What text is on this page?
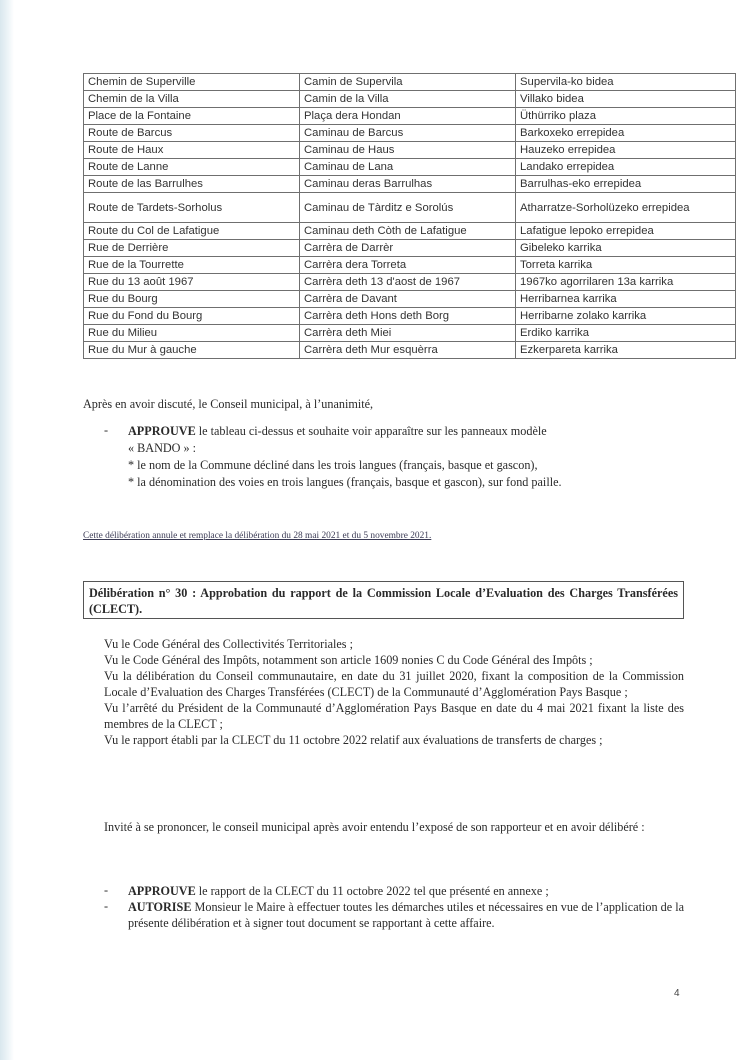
Chemin de Superville	Camin de Supervila	Supervila-ko bidea
Chemin de la Villa	Camin de la Villa	Villako bidea
Place de la Fontaine	Plaça dera Hondan	Üthürriko plaza
Route de Barcus	Caminau de Barcus	Barkoxeko errepidea
Route de Haux	Caminau de Haus	Hauzeko errepidea
Route de Lanne	Caminau de Lana	Landako errepidea
Route de las Barrulhes	Caminau deras Barrulhas	Barrulhas-eko errepidea
Route de Tardets-Sorholus	Caminau de Tàrditz e Sorolús	Atharratze-Sorholüzeko errepidea
Route du Col de Lafatigue	Caminau deth Còth de Lafatigue	Lafatigue lepoko errepidea
Rue de Derrière	Carrèra de Darrèr	Gibeleko karrika
Rue de la Tourrette	Carrèra dera Torreta	Torreta karrika
Rue du 13 août 1967	Carrèra deth 13 d'aost de 1967	1967ko agorrilaren 13a karrika
Rue du Bourg	Carrèra de Davant	Herribarnea karrika
Rue du Fond du Bourg	Carrèra deth Hons deth Borg	Herribarne zolako karrika
Rue du Milieu	Carrèra deth Miei	Erdiko karrika
Rue du Mur à gauche	Carrèra deth Mur esquèrra	Ezkerpareta karrika
Après en avoir discuté, le Conseil municipal, à l’unanimité,
- APPROUVE le tableau ci-dessus et souhaite voir apparaître sur les panneaux modèle
« BANDO » :
* le nom de la Commune décliné dans les trois langues (français, basque et gascon),
* la dénomination des voies en trois langues (français, basque et gascon), sur fond paille.
Cette délibération annule et remplace la délibération du 28 mai 2021 et du 5 novembre 2021.
Délibération n° 30 : Approbation du rapport de la Commission Locale d’Evaluation des Charges Transférées (CLECT).
Vu le Code Général des Collectivités Territoriales ;
Vu le Code Général des Impôts, notamment son article 1609 nonies C du Code Général des Impôts ;
Vu la délibération du Conseil communautaire, en date du 31 juillet 2020, fixant la composition de la Commission Locale d’Evaluation des Charges Transférées (CLECT) de la Communauté d’Agglomération Pays Basque ;
Vu l’arrêté du Président de la Communauté d’Agglomération Pays Basque en date du 4 mai 2021 fixant la liste des membres de la CLECT ;
Vu le rapport établi par la CLECT du 11 octobre 2022 relatif aux évaluations de transferts de charges ;
Invité à se prononcer, le conseil municipal après avoir entendu l’exposé de son rapporteur et en avoir délibéré :
- APPROUVE le rapport de la CLECT du 11 octobre 2022 tel que présenté en annexe ;
- AUTORISE Monsieur le Maire à effectuer toutes les démarches utiles et nécessaires en vue de l’application de la présente délibération et à signer tout document se rapportant à cette affaire.
4
